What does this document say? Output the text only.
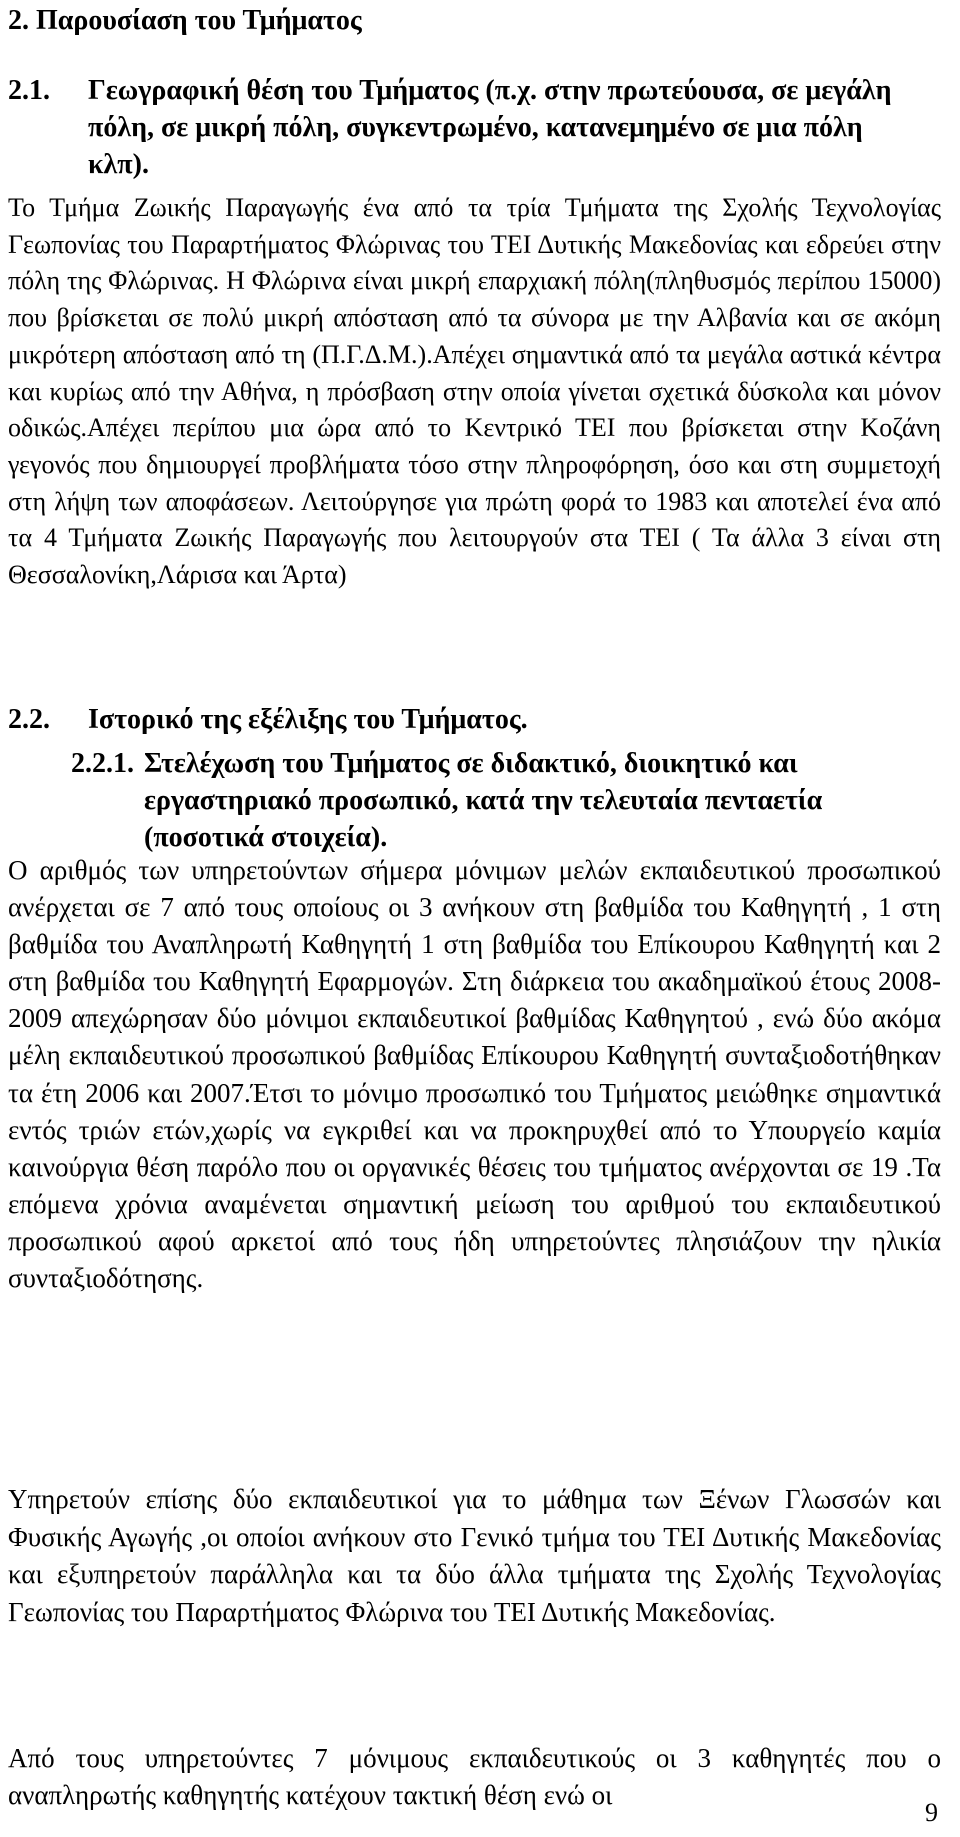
2. Παρουσίαση του Τμήματος
2.1. Γεωγραφική θέση του Τμήματος (π.χ. στην πρωτεύουσα, σε μεγάλη πόλη, σε μικρή πόλη, συγκεντρωμένο, κατανεμημένο σε μια πόλη κλπ).

Το Τμήμα Ζωικής Παραγωγής ένα από τα τρία Τμήματα της Σχολής Τεχνολογίας Γεωπονίας του Παραρτήματος Φλώρινας του ΤΕΙ Δυτικής Μακεδονίας και εδρεύει στην πόλη της Φλώρινας. Η Φλώρινα είναι μικρή επαρχιακή πόλη(πληθυσμός περίπου 15000) που βρίσκεται σε πολύ μικρή απόσταση από τα σύνορα με την Αλβανία και σε ακόμη μικρότερη απόσταση από τη (Π.Γ.Δ.Μ.).Απέχει σημαντικά από τα μεγάλα αστικά κέντρα και κυρίως από την Αθήνα, η πρόσβαση στην οποία γίνεται σχετικά δύσκολα και μόνον οδικώς.Απέχει περίπου μια ώρα από το Κεντρικό ΤΕΙ που βρίσκεται στην Κοζάνη γεγονός που δημιουργεί προβλήματα τόσο στην πληροφόρηση, όσο και στη συμμετοχή στη λήψη των αποφάσεων. Λειτούργησε για πρώτη φορά το 1983 και αποτελεί ένα από τα 4 Τμήματα Ζωικής Παραγωγής που λειτουργούν στα ΤΕΙ ( Τα άλλα 3 είναι στη Θεσσαλονίκη,Λάρισα και Άρτα)

2.2. Ιστορικό της εξέλιξης του Τμήματος.
2.2.1. Στελέχωση του Τμήματος σε διδακτικό, διοικητικό και εργαστηριακό προσωπικό, κατά την τελευταία πενταετία (ποσοτικά στοιχεία).

Ο αριθμός των υπηρετούντων σήμερα μόνιμων μελών εκπαιδευτικού προσωπικού ανέρχεται σε 7 από τους οποίους οι 3 ανήκουν στη βαθμίδα του Καθηγητή , 1 στη βαθμίδα του Αναπληρωτή Καθηγητή 1 στη βαθμίδα του Επίκουρου Καθηγητή και 2 στη βαθμίδα του Καθηγητή Εφαρμογών. Στη διάρκεια του ακαδημαϊκού έτους 2008-2009 απεχώρησαν δύο μόνιμοι εκπαιδευτικοί βαθμίδας Καθηγητού , ενώ δύο ακόμα μέλη εκπαιδευτικού προσωπικού βαθμίδας Επίκουρου Καθηγητή συνταξιοδοτήθηκαν τα έτη 2006 και 2007.Έτσι το μόνιμο προσωπικό του Τμήματος μειώθηκε σημαντικά εντός τριών ετών,χωρίς να εγκριθεί και να προκηρυχθεί από το Υπουργείο καμία καινούργια θέση παρόλο που οι οργανικές θέσεις του τμήματος ανέρχονται σε 19 .Τα επόμενα χρόνια αναμένεται σημαντική μείωση του αριθμού του εκπαιδευτικού προσωπικού αφού αρκετοί από τους ήδη υπηρετούντες πλησιάζουν την ηλικία συνταξιοδότησης.

Υπηρετούν επίσης δύο εκπαιδευτικοί για το μάθημα των Ξένων Γλωσσών και Φυσικής Αγωγής ,οι οποίοι ανήκουν στο Γενικό τμήμα του ΤΕΙ Δυτικής Μακεδονίας και εξυπηρετούν παράλληλα και τα δύο άλλα τμήματα της Σχολής Τεχνολογίας Γεωπονίας του Παραρτήματος Φλώρινα του ΤΕΙ Δυτικής Μακεδονίας.

Από τους υπηρετούντες 7 μόνιμους εκπαιδευτικούς οι 3 καθηγητές που ο αναπληρωτής καθηγητής κατέχουν τακτική θέση ενώ οι

9
